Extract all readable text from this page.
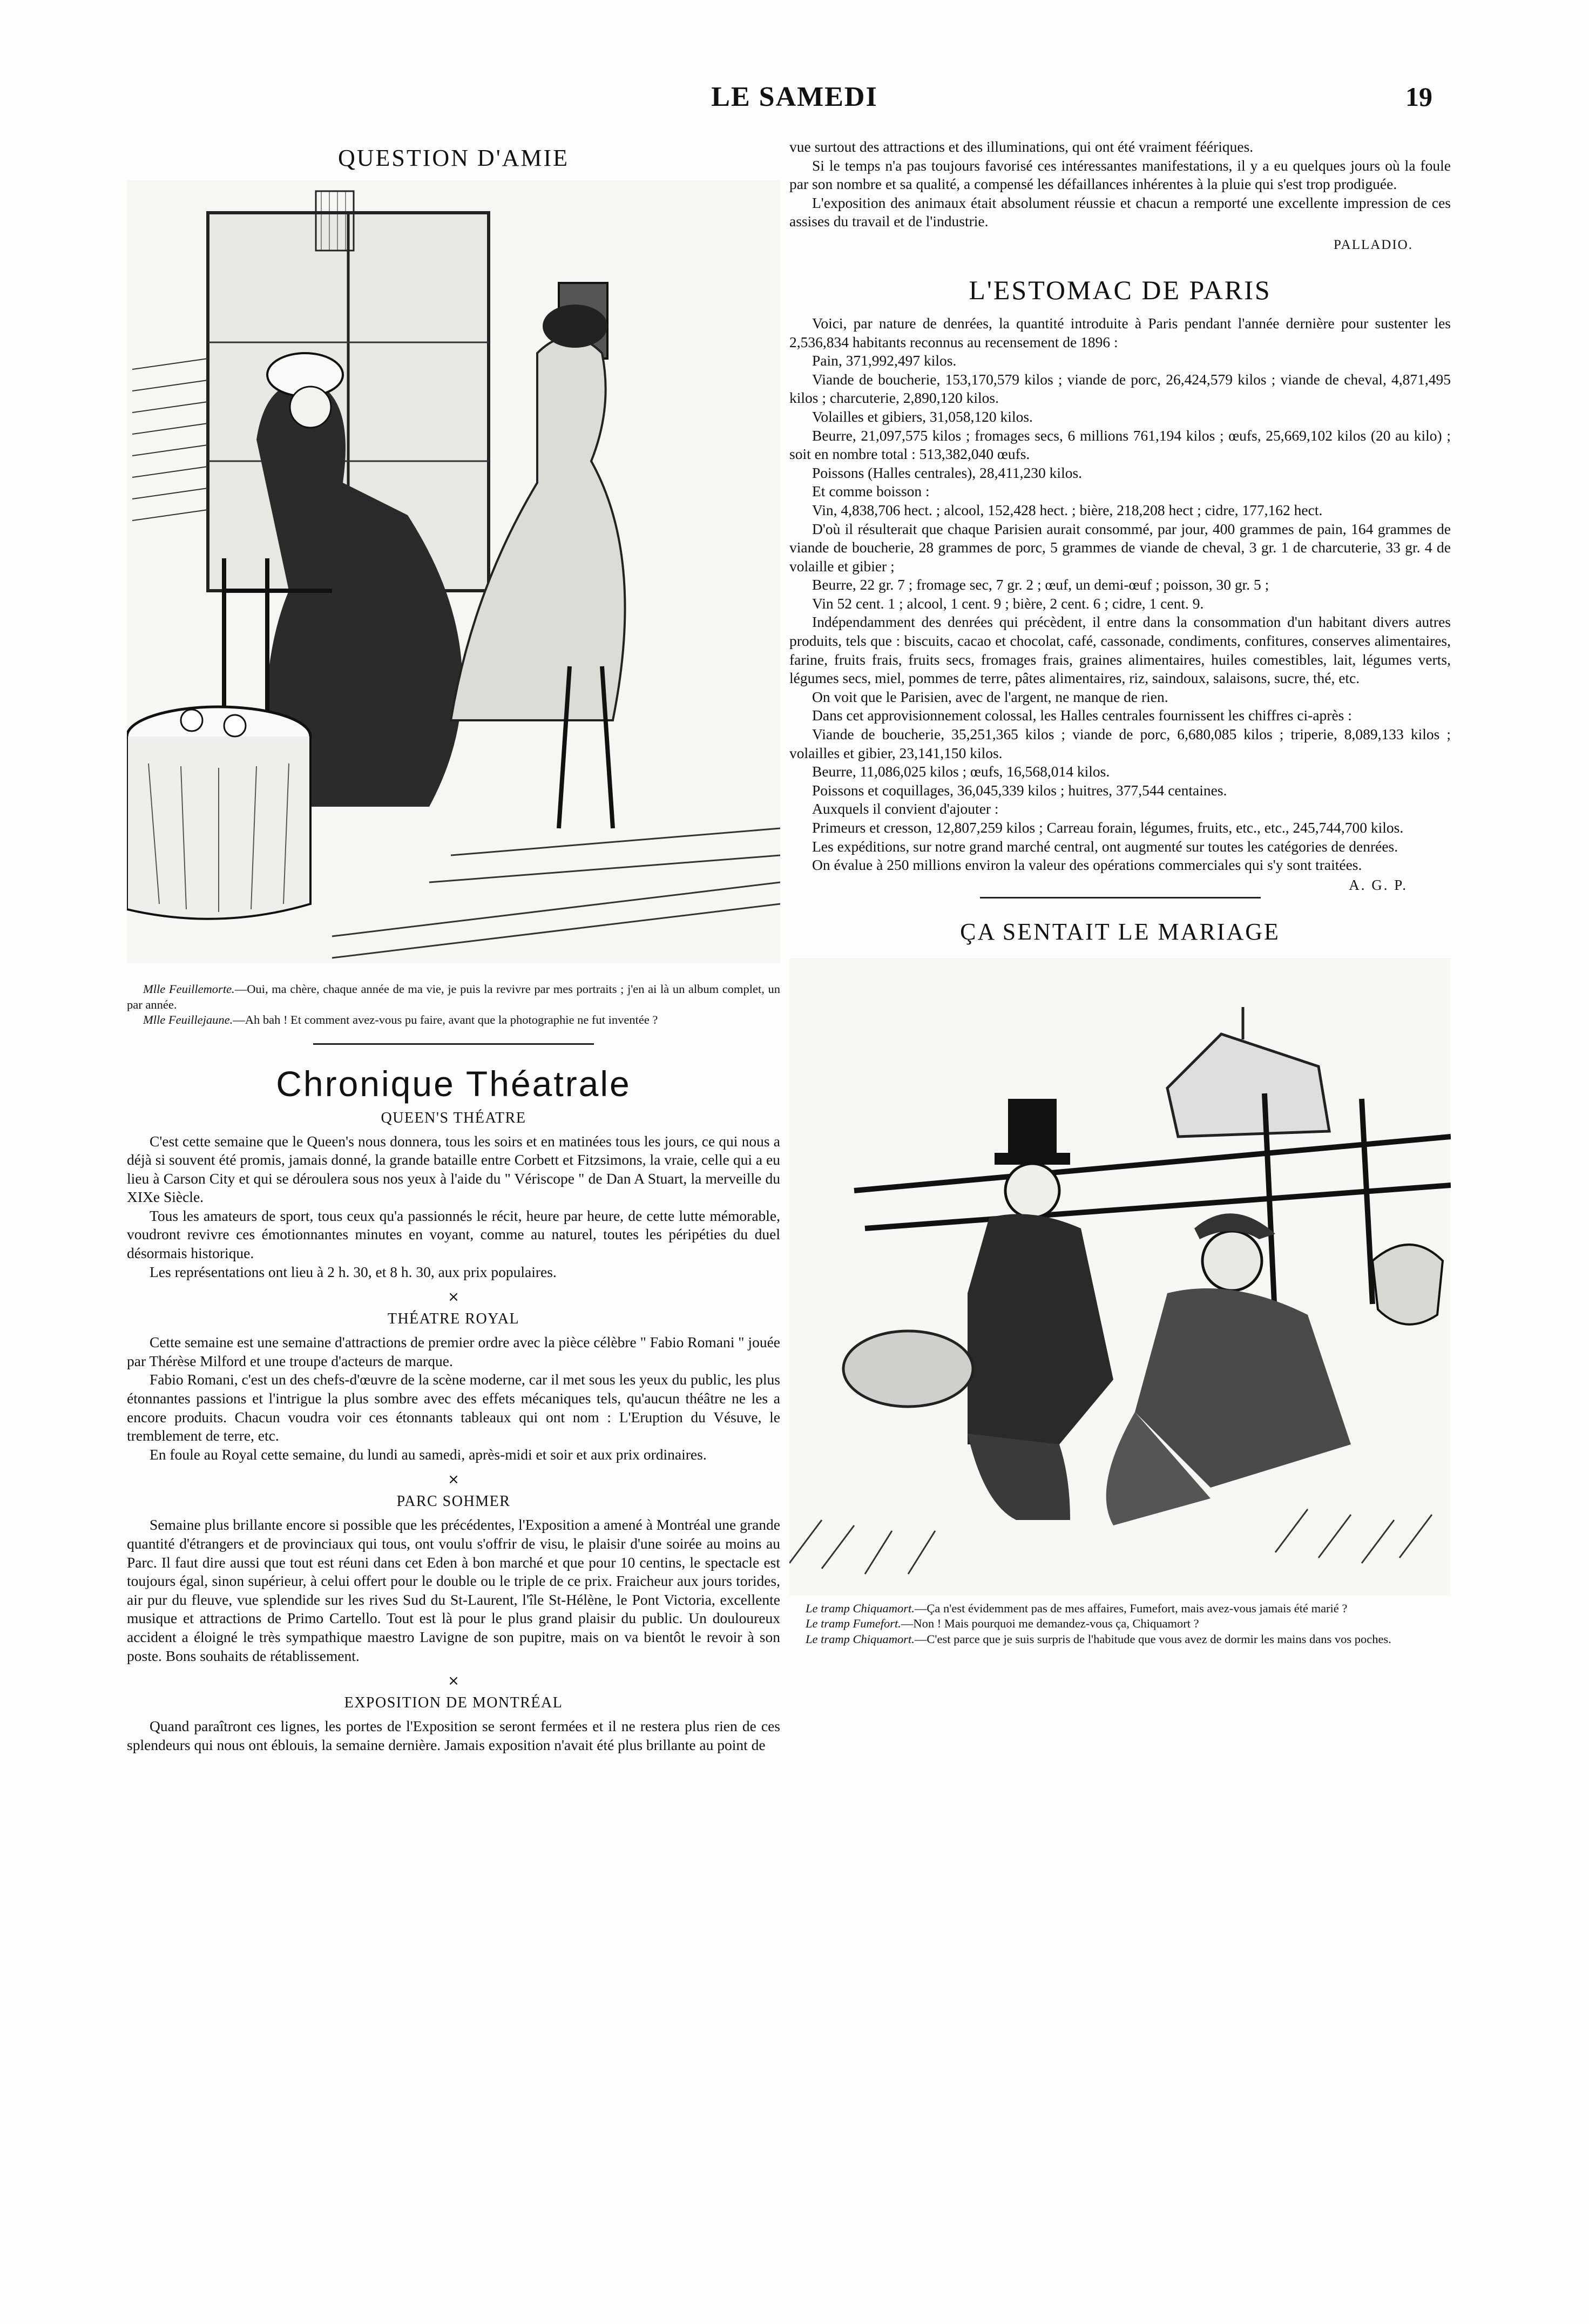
LE SAMEDI	19
QUESTION D'AMIE

Mlle Feuillemorte.—Oui, ma chère, chaque année de ma vie, je puis la revivre par mes portraits ; j'en ai là un album complet, un par année.

Mlle Feuillejaune.—Ah bah ! Et comment avez-vous pu faire, avant que la photographie ne fut inventée ?

Chronique Théatrale
QUEEN'S THÉATRE

C'est cette semaine que le Queen's nous donnera, tous les soirs et en matinées tous les jours, ce qui nous a déjà si souvent été promis, jamais donné, la grande bataille entre Corbett et Fitzsimons, la vraie, celle qui a eu lieu à Carson City et qui se déroulera sous nos yeux à l'aide du " Vériscope " de Dan A Stuart, la merveille du XIXe Siècle.

Tous les amateurs de sport, tous ceux qu'a passionnés le récit, heure par heure, de cette lutte mémorable, voudront revivre ces émotionnantes minutes en voyant, comme au naturel, toutes les péripéties du duel désormais historique.

Les représentations ont lieu à 2 h. 30, et 8 h. 30, aux prix populaires.

×
THÉATRE ROYAL

Cette semaine est une semaine d'attractions de premier ordre avec la pièce célèbre " Fabio Romani " jouée par Thérèse Milford et une troupe d'acteurs de marque.

Fabio Romani, c'est un des chefs-d'œuvre de la scène moderne, car il met sous les yeux du public, les plus étonnantes passions et l'intrigue la plus sombre avec des effets mécaniques tels, qu'aucun théâtre ne les a encore produits. Chacun voudra voir ces étonnants tableaux qui ont nom : L'Eruption du Vésuve, le tremblement de terre, etc.

En foule au Royal cette semaine, du lundi au samedi, après-midi et soir et aux prix ordinaires.

×
PARC SOHMER

Semaine plus brillante encore si possible que les précédentes, l'Exposition a amené à Montréal une grande quantité d'étrangers et de provinciaux qui tous, ont voulu s'offrir de visu, le plaisir d'une soirée au moins au Parc. Il faut dire aussi que tout est réuni dans cet Eden à bon marché et que pour 10 centins, le spectacle est toujours égal, sinon supérieur, à celui offert pour le double ou le triple de ce prix. Fraicheur aux jours torides, air pur du fleuve, vue splendide sur les rives Sud du St-Laurent, l'île St-Hélène, le Pont Victoria, excellente musique et attractions de Primo Cartello. Tout est là pour le plus grand plaisir du public. Un douloureux accident a éloigné le très sympathique maestro Lavigne de son pupitre, mais on va bientôt le revoir à son poste. Bons souhaits de rétablissement.

×
EXPOSITION DE MONTRÉAL

Quand paraîtront ces lignes, les portes de l'Exposition se seront fermées et il ne restera plus rien de ces splendeurs qui nous ont éblouis, la semaine dernière. Jamais exposition n'avait été plus brillante au point de

vue surtout des attractions et des illuminations, qui ont été vraiment féériques.

Si le temps n'a pas toujours favorisé ces intéressantes manifestations, il y a eu quelques jours où la foule par son nombre et sa qualité, a compensé les défaillances inhérentes à la pluie qui s'est trop prodiguée.

L'exposition des animaux était absolument réussie et chacun a remporté une excellente impression de ces assises du travail et de l'industrie.

PALLADIO.
L'ESTOMAC DE PARIS

Voici, par nature de denrées, la quantité introduite à Paris pendant l'année dernière pour sustenter les 2,536,834 habitants reconnus au recensement de 1896 :

Pain, 371,992,497 kilos.

Viande de boucherie, 153,170,579 kilos ; viande de porc, 26,424,579 kilos ; viande de cheval, 4,871,495 kilos ; charcuterie, 2,890,120 kilos.

Volailles et gibiers, 31,058,120 kilos.

Beurre, 21,097,575 kilos ; fromages secs, 6 millions 761,194 kilos ; œufs, 25,669,102 kilos (20 au kilo) ; soit en nombre total : 513,382,040 œufs.

Poissons (Halles centrales), 28,411,230 kilos.

Et comme boisson :

Vin, 4,838,706 hect. ; alcool, 152,428 hect. ; bière, 218,208 hect ; cidre, 177,162 hect.

D'où il résulterait que chaque Parisien aurait consommé, par jour, 400 grammes de pain, 164 grammes de viande de boucherie, 28 grammes de porc, 5 grammes de viande de cheval, 3 gr. 1 de charcuterie, 33 gr. 4 de volaille et gibier ;

Beurre, 22 gr. 7 ; fromage sec, 7 gr. 2 ; œuf, un demi-œuf ; poisson, 30 gr. 5 ;

Vin 52 cent. 1 ; alcool, 1 cent. 9 ; bière, 2 cent. 6 ; cidre, 1 cent. 9.

Indépendamment des denrées qui précèdent, il entre dans la consommation d'un habitant divers autres produits, tels que : biscuits, cacao et chocolat, café, cassonade, condiments, confitures, conserves alimentaires, farine, fruits frais, fruits secs, fromages frais, graines alimentaires, huiles comestibles, lait, légumes verts, légumes secs, miel, pommes de terre, pâtes alimentaires, riz, saindoux, salaisons, sucre, thé, etc.

On voit que le Parisien, avec de l'argent, ne manque de rien.

Dans cet approvisionnement colossal, les Halles centrales fournissent les chiffres ci-après :

Viande de boucherie, 35,251,365 kilos ; viande de porc, 6,680,085 kilos ; triperie, 8,089,133 kilos ; volailles et gibier, 23,141,150 kilos.

Beurre, 11,086,025 kilos ; œufs, 16,568,014 kilos.

Poissons et coquillages, 36,045,339 kilos ; huitres, 377,544 centaines.

Auxquels il convient d'ajouter :

Primeurs et cresson, 12,807,259 kilos ; Carreau forain, légumes, fruits, etc., etc., 245,744,700 kilos.

Les expéditions, sur notre grand marché central, ont augmenté sur toutes les catégories de denrées.

On évalue à 250 millions environ la valeur des opérations commerciales qui s'y sont traitées.

A. G. P.
ÇA SENTAIT LE MARIAGE

Le tramp Chiquamort.—Ça n'est évidemment pas de mes affaires, Fumefort, mais avez-vous jamais été marié ?

Le tramp Fumefort.—Non ! Mais pourquoi me demandez-vous ça, Chiquamort ?

Le tramp Chiquamort.—C'est parce que je suis surpris de l'habitude que vous avez de dormir les mains dans vos poches.
